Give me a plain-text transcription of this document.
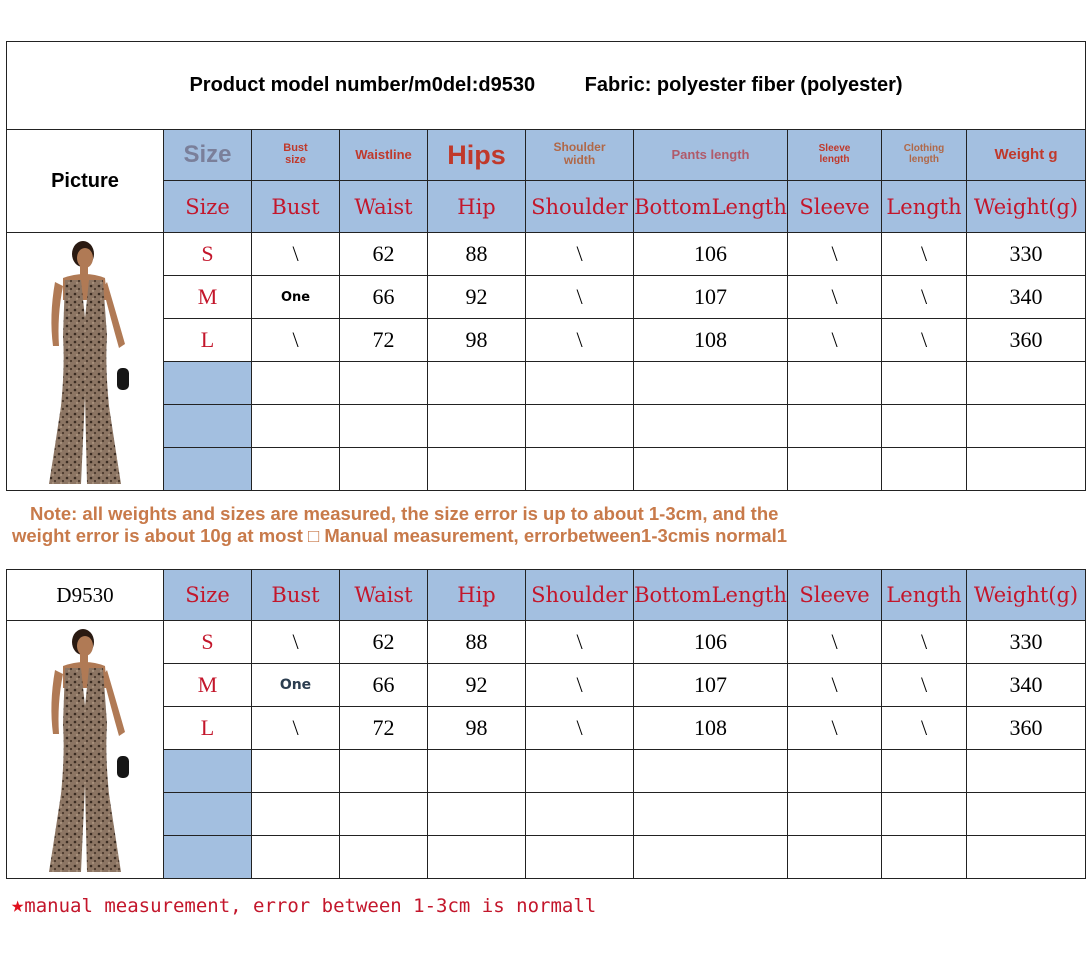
Product model number/m0del:d9530 Fabric: polyester fiber (polyester)									
Picture	Size	Bust size	Waistline	Hips	Shoulder width	Pants length	Sleeve length	Clothing length	Weight g
	Size	Bust	Waist	Hip	Shoulder	BottomLength	Sleeve	Length	Weight(g)

	S	\	62	88	\	106	\	\	330
	M	One	66	92	\	107	\	\	340
	L	\	72	98	\	108	\	\	360

Note: all weights and sizes are measured, the size error is up to about 1-3cm, and the
weight error is about 10g at most □ Manual measurement, errorbetween1-3cmis normal1
D9530	Size	Bust	Waist	Hip	Shoulder	BottomLength	Sleeve	Length	Weight(g)

	S	\	62	88	\	106	\	\	330
	M	One	66	92	\	107	\	\	340
	L	\	72	98	\	108	\	\	360

★manual measurement, error between 1-3cm is normall
